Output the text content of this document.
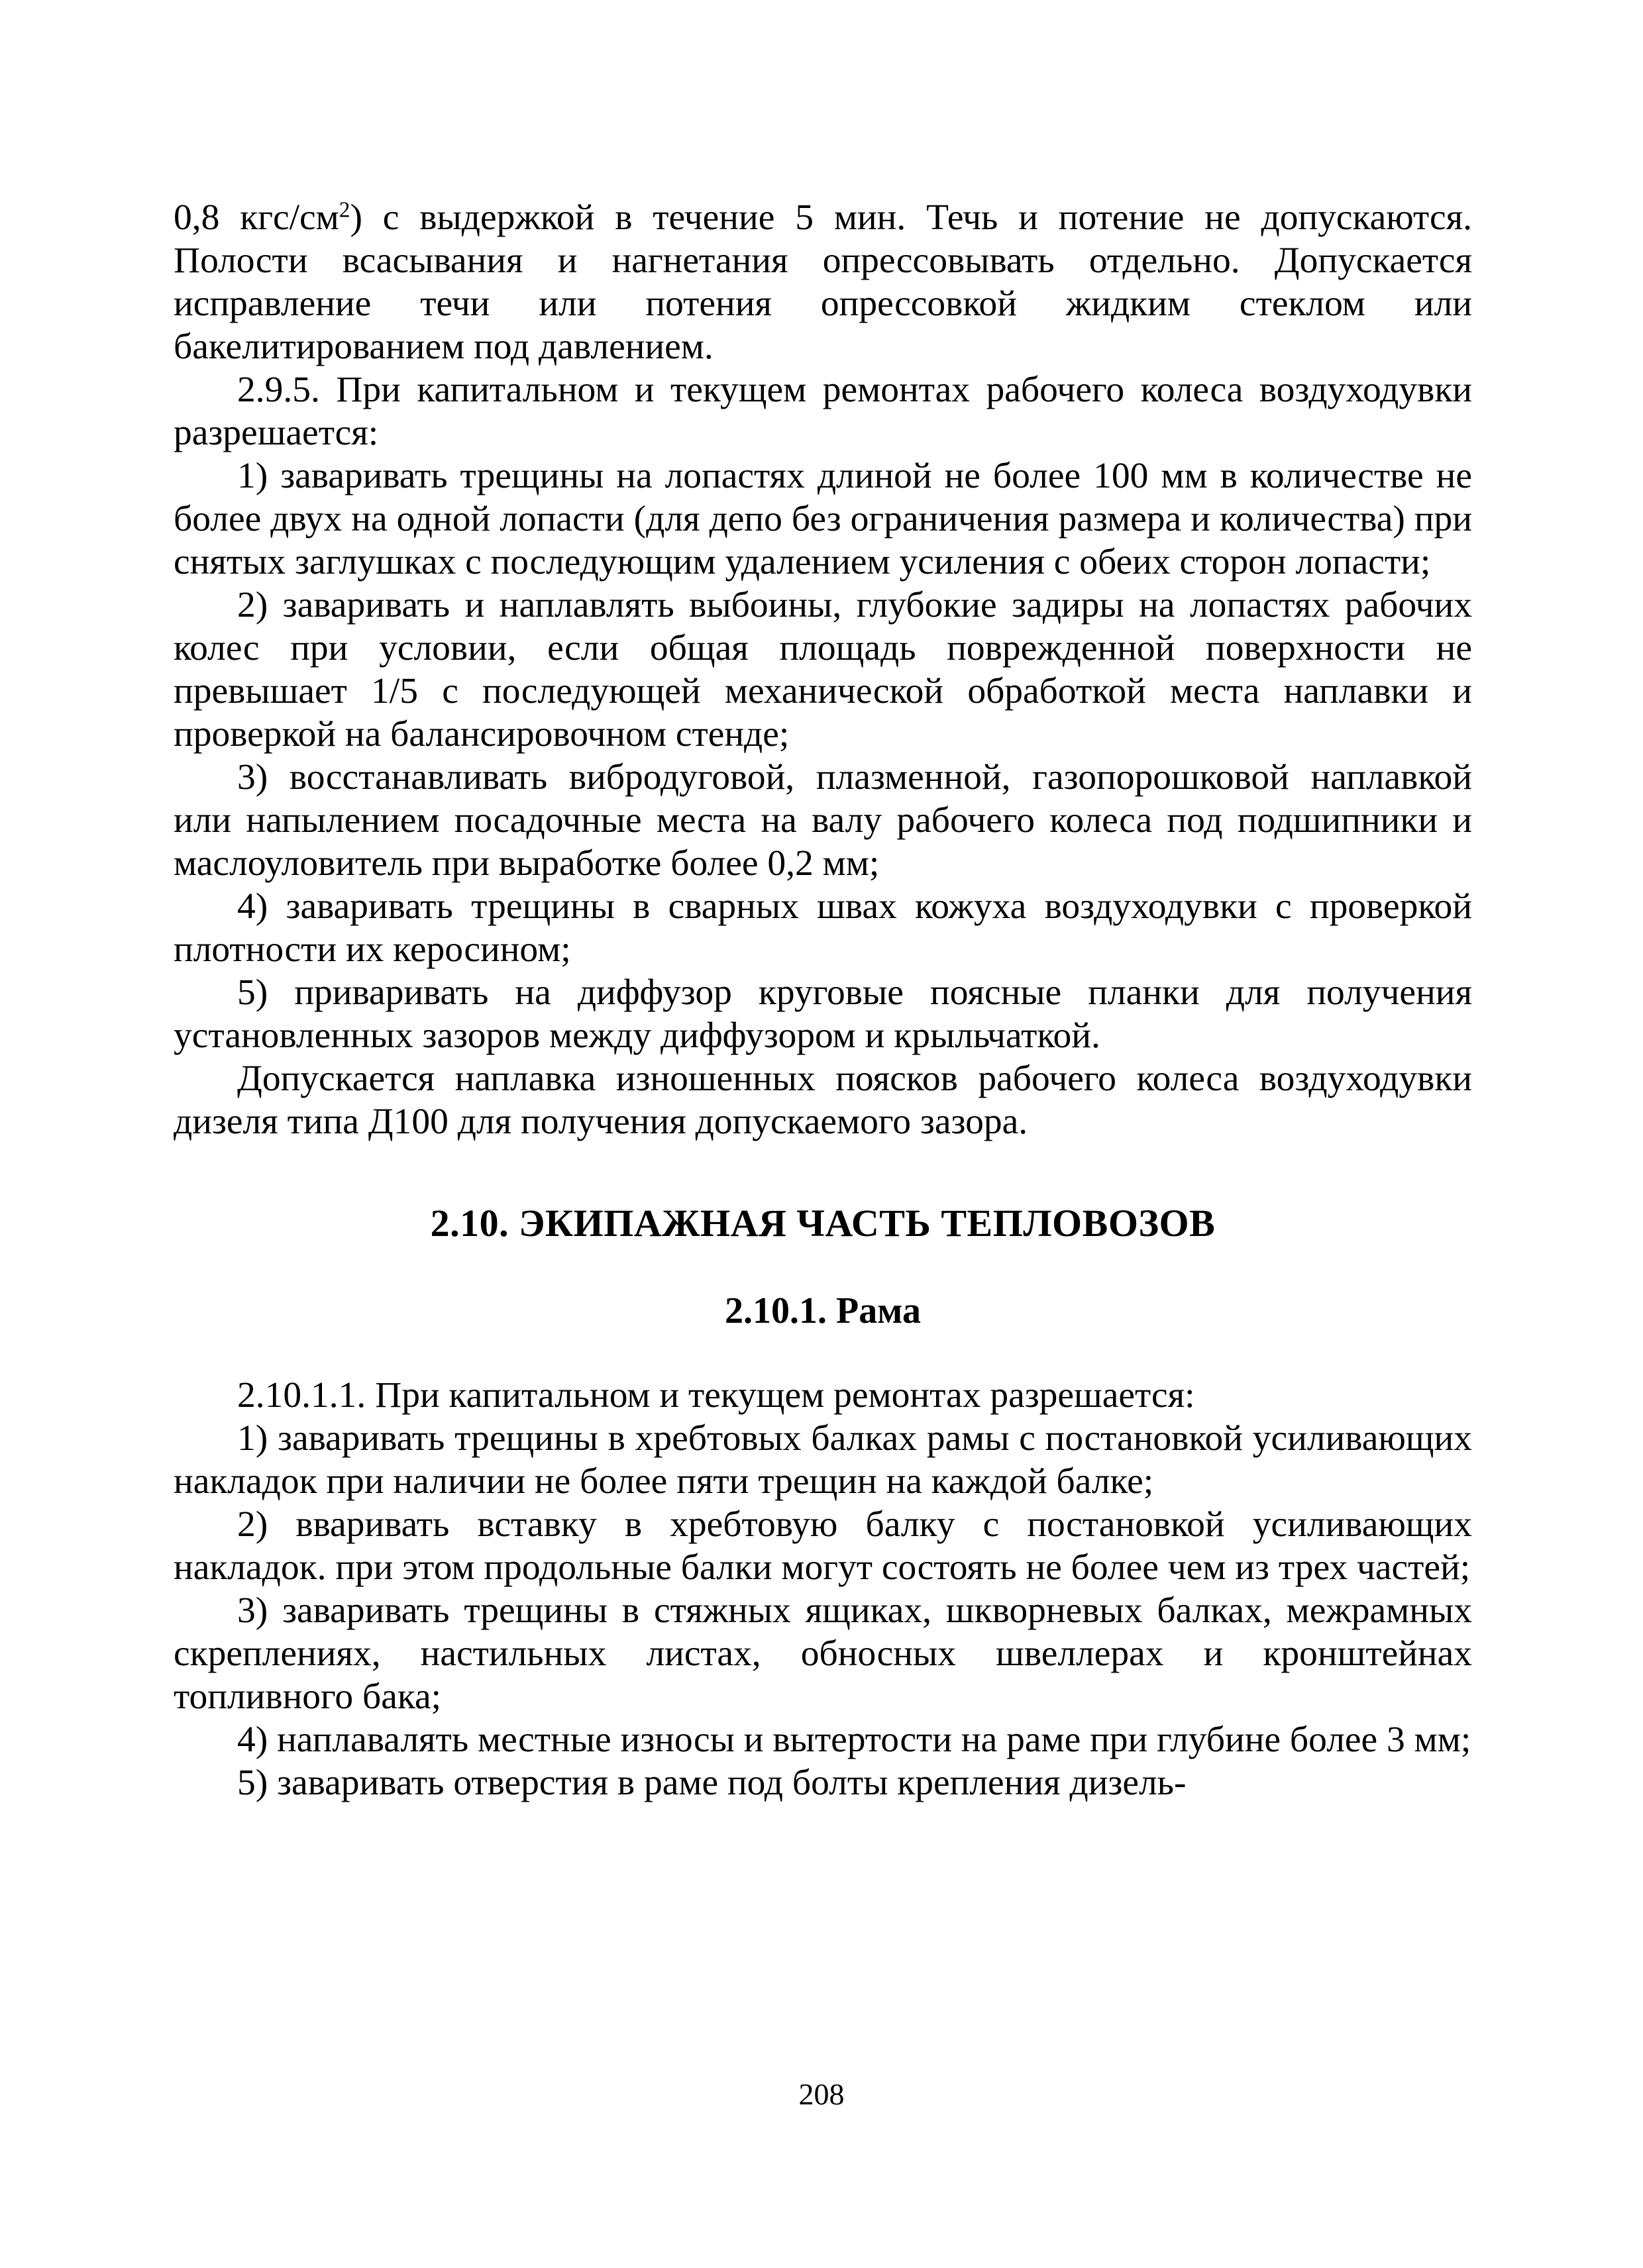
0,8 кгс/$см^2$) с выдержкой в течение 5 мин. Течь и потение не допускаются. Полости всасывания и нагнетания опрессовывать отдельно. Допускается исправление течи или потения опрессовкой жидким стеклом или бакелитированием под давлением.

2.9.5. При капитальном и текущем ремонтах рабочего колеса воздуходувки разрешается:

1) заваривать трещины на лопастях длиной не более 100 мм в количестве не более двух на одной лопасти (для депо без ограничения размера и количества) при снятых заглушках с последующим удалением усиления с обеих сторон лопасти;

2) заваривать и наплавлять выбоины, глубокие задиры на лопастях рабочих колес при условии, если общая площадь поврежденной поверхности не превышает 1/5 с последующей механической обработкой места наплавки и проверкой на балансировочном стенде;

3) восстанавливать вибродуговой, плазменной, газопорошковой наплавкой или напылением посадочные места на валу рабочего колеса под подшипники и маслоуловитель при выработке более 0,2 мм;

4) заваривать трещины в сварных швах кожуха воздуходувки с проверкой плотности их керосином;

5) приваривать на диффузор круговые поясные планки для получения установленных зазоров между диффузором и крыльчаткой.

Допускается наплавка изношенных поясков рабочего колеса воздуходувки дизеля типа Д100 для получения допускаемого зазора.

2.10. ЭКИПАЖНАЯ ЧАСТЬ ТЕПЛОВОЗОВ
2.10.1. Рама

2.10.1.1. При капитальном и текущем ремонтах разрешается:

1) заваривать трещины в хребтовых балках рамы с постановкой усиливающих накладок при наличии не более пяти трещин на каждой балке;

2) вваривать вставку в хребтовую балку с постановкой усиливающих накладок. при этом продольные балки могут состоять не более чем из трех частей;

3) заваривать трещины в стяжных ящиках, шкворневых балках, межрамных скреплениях, настильных листах, обносных швеллерах и кронштейнах топливного бака;

4) наплавалять местные износы и вытертости на раме при глубине более 3 мм;

5) заваривать отверстия в раме под болты крепления дизель-

208
